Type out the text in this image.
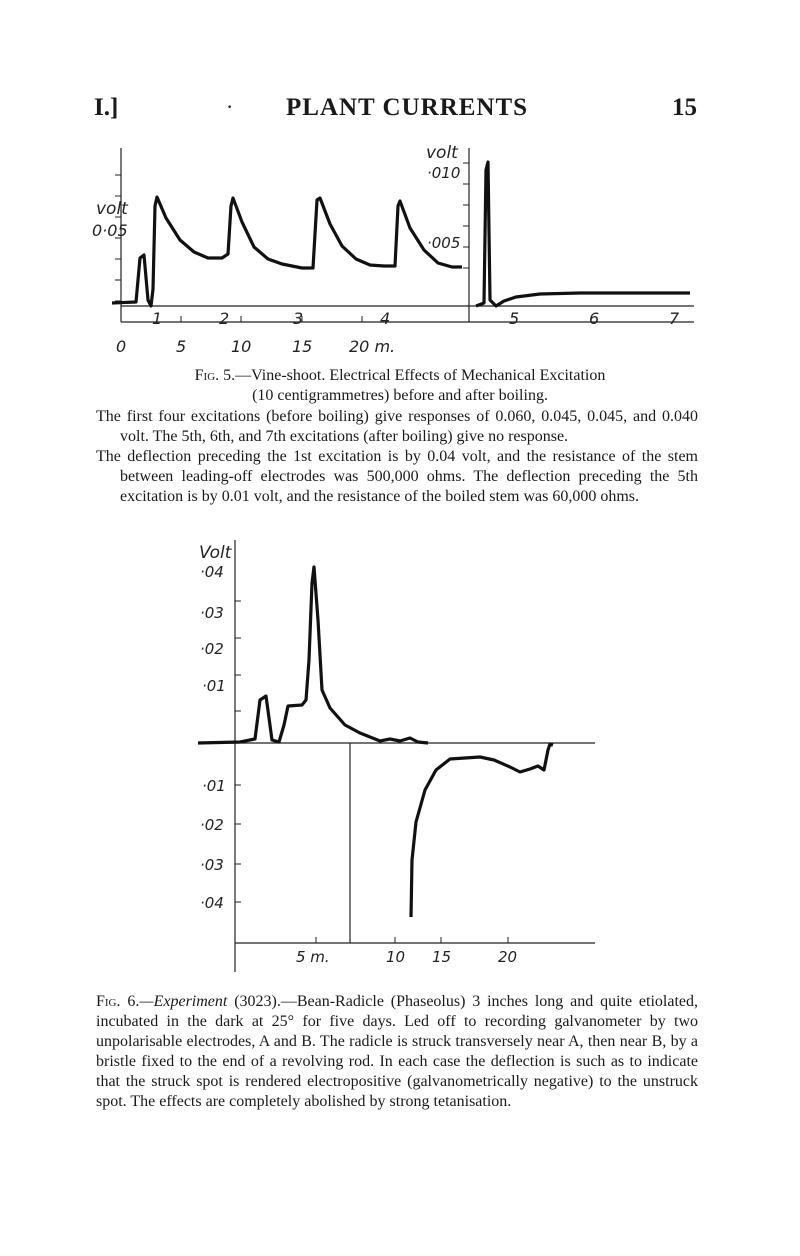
I.]	· PLANT CURRENTS	15
volt
0·05
volt
·010
·005
1	2	3	4	5	6	7
0	5	10	15 20 m.
Fig. 5.—Vine-shoot. Electrical Effects of Mechanical Excitation
(10 centigrammetres) before and after boiling.

The first four excitations (before boiling) give responses of 0.060, 0.045, 0.045, and 0.040 volt. The 5th, 6th, and 7th excitations (after boiling) give no response.

The deflection preceding the 1st excitation is by 0.04 volt, and the resistance of the stem between leading-off electrodes was 500,000 ohms. The deflection preceding the 5th excitation is by 0.01 volt, and the resistance of the boiled stem was 60,000 ohms.

Volt
·04
·03
·02
·01
·01
·02
·03
·04
5 m.	10 15	20
Fig. 6.—Experiment (3023).—Bean-Radicle (Phaseolus) 3 inches long and quite etiolated, incubated in the dark at 25° for five days. Led off to recording galvanometer by two unpolarisable electrodes, A and B. The radicle is struck transversely near A, then near B, by a bristle fixed to the end of a revolving rod. In each case the deflection is such as to indicate that the struck spot is rendered electropositive (galvanometrically negative) to the unstruck spot. The effects are completely abolished by strong tetanisation.
